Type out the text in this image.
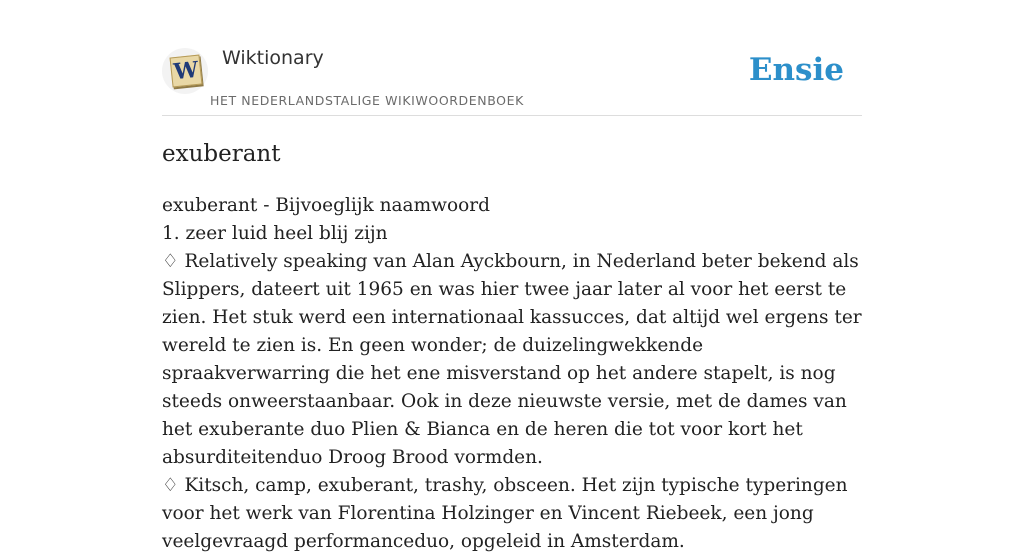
W Wiktionary
HET NEDERLANDSTALIGE WIKIWOORDENBOEK
Ensie
exuberant
exuberant - Bijvoeglijk naamwoord
1. zeer luid heel blij zijn
♢ Relatively speaking van Alan Ayckbourn, in Nederland beter bekend als Slippers, dateert uit 1965 en was hier twee jaar later al voor het eerst te zien. Het stuk werd een internationaal kassucces, dat altijd wel ergens ter wereld te zien is. En geen wonder; de duizelingwekkende spraakverwarring die het ene misverstand op het andere stapelt, is nog steeds onweerstaanbaar. Ook in deze nieuwste versie, met de dames van het exuberante duo Plien & Bianca en de heren die tot voor kort het absurditeitenduo Droog Brood vormden.
♢ Kitsch, camp, exuberant, trashy, obsceen. Het zijn typische typeringen voor het werk van Florentina Holzinger en Vincent Riebeek, een jong veelgevraagd performanceduo, opgeleid in Amsterdam.
